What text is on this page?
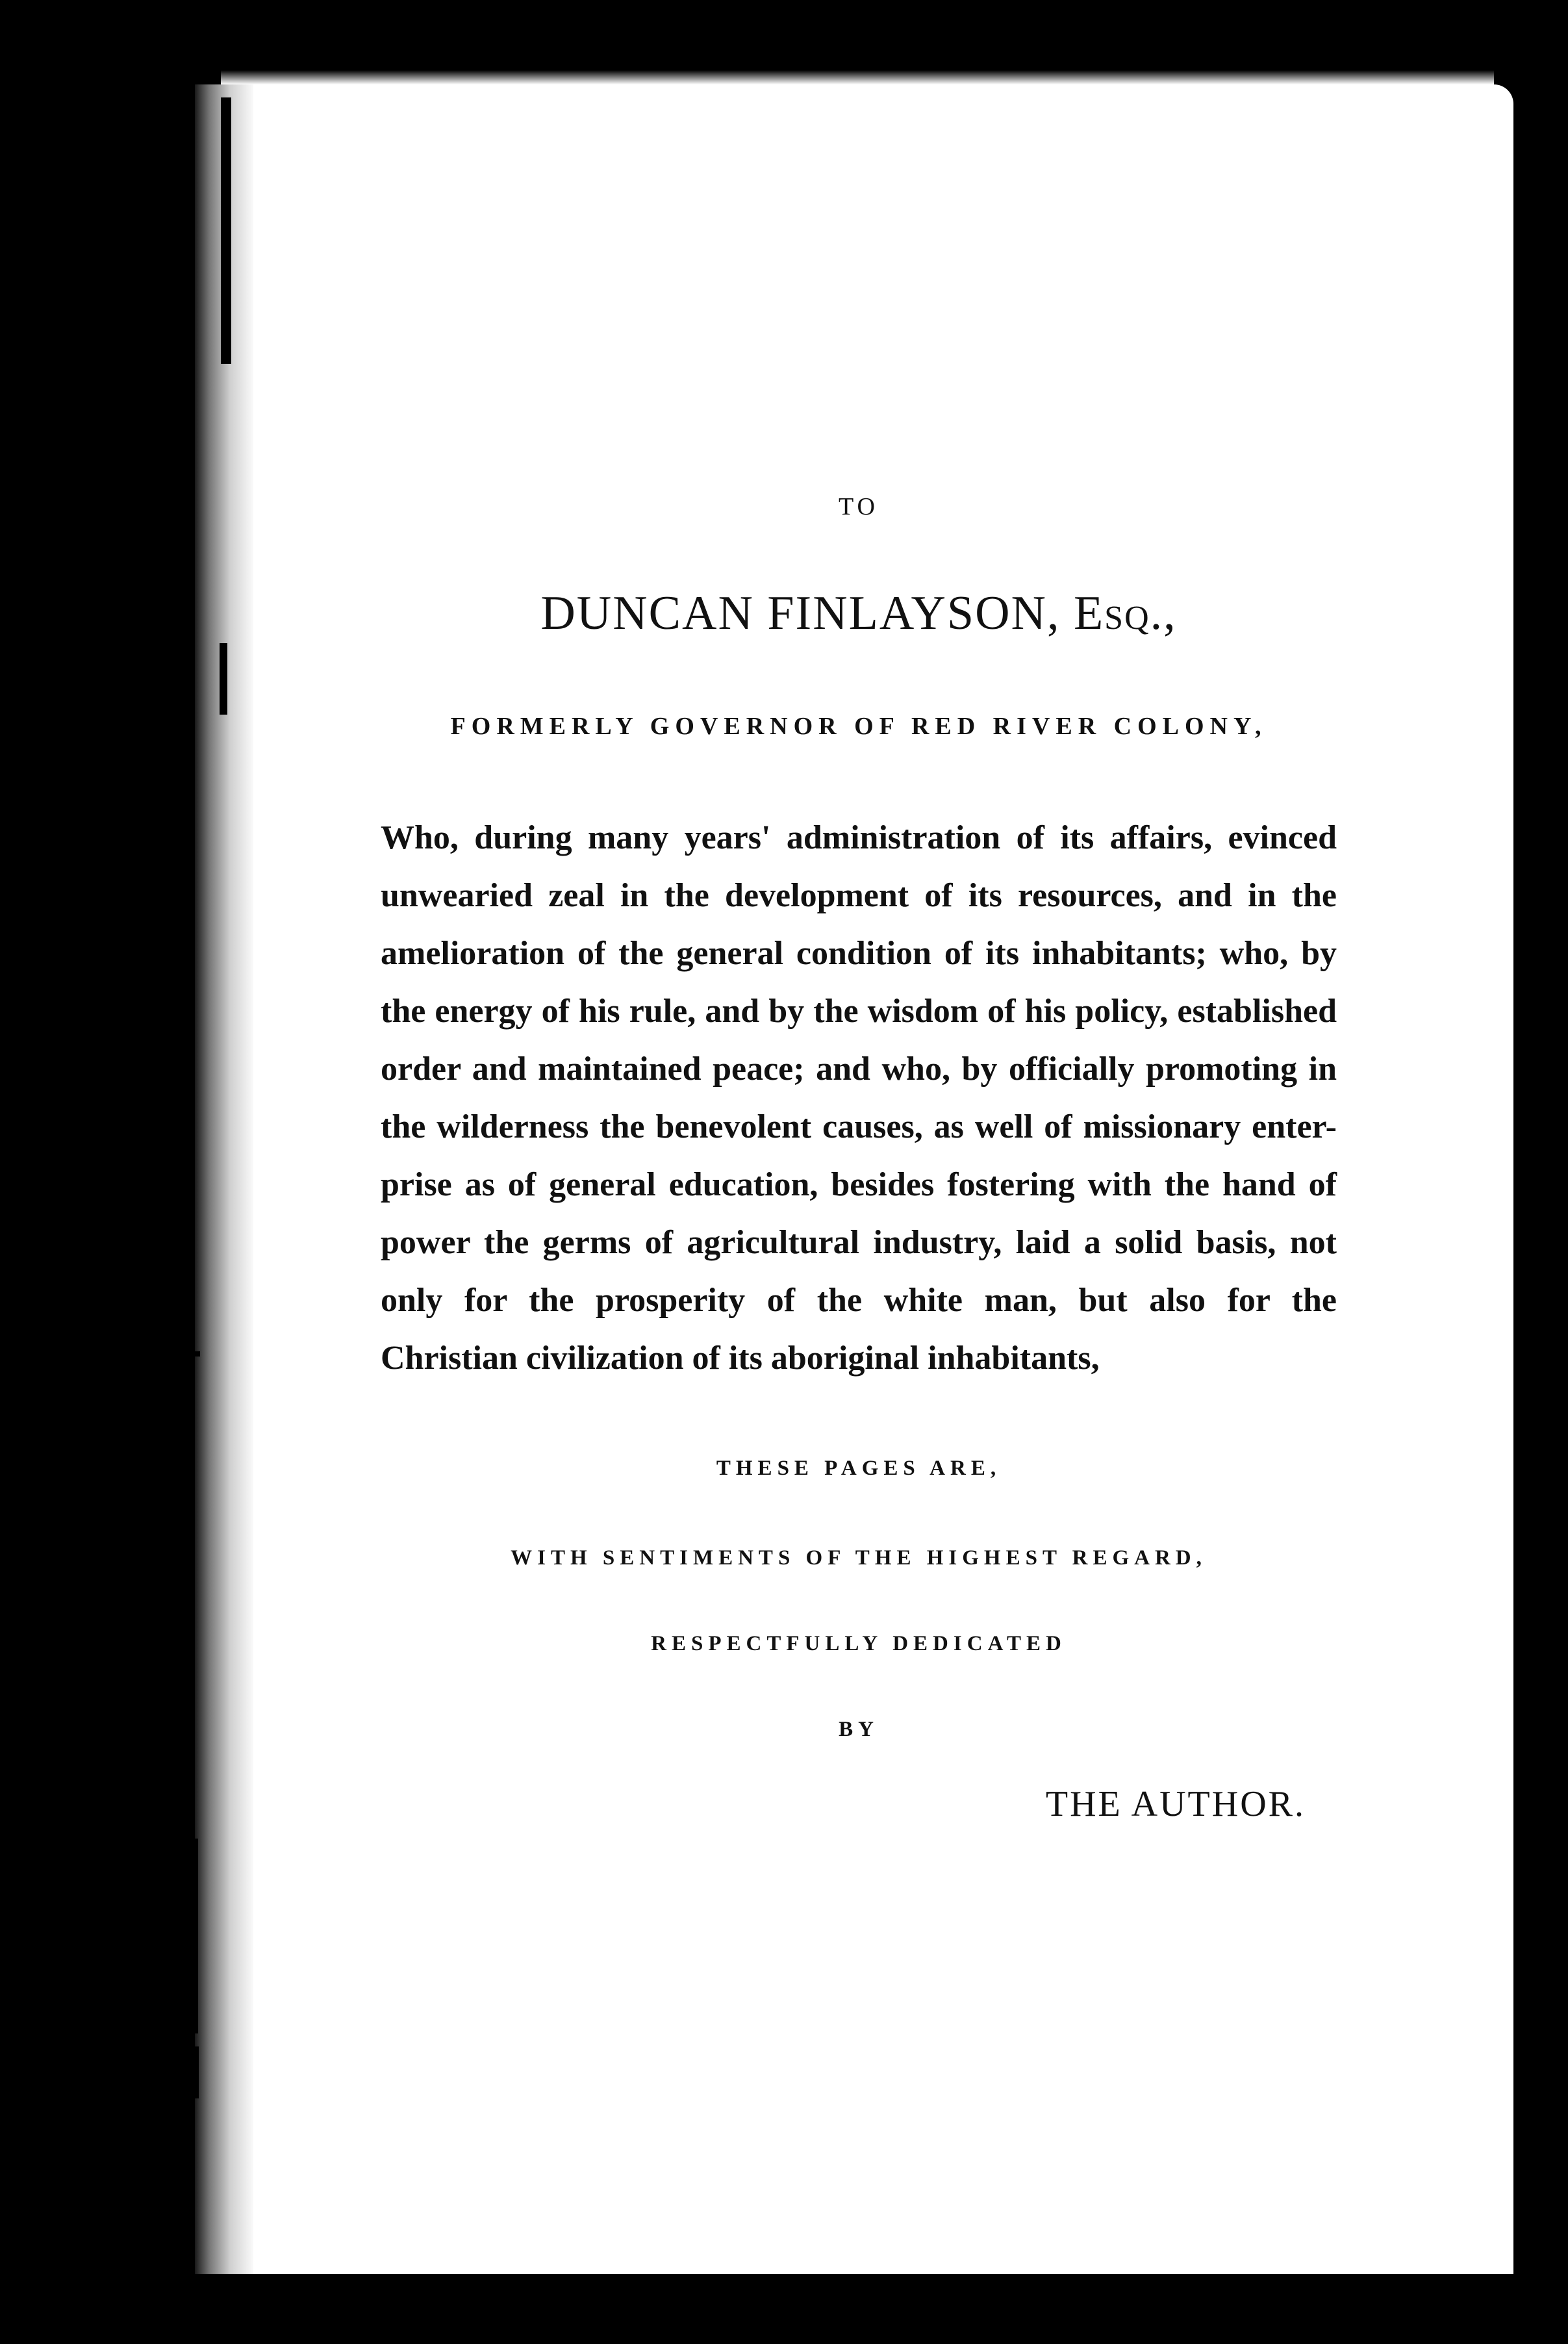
TO
DUNCAN FINLAYSON, Esq.,
FORMERLY GOVERNOR OF RED RIVER COLONY,
Who, during many years' administration of its affairs, evinced
unwearied zeal in the development of its resources, and in the
amelioration of the general condition of its inhabitants; who, by
the energy of his rule, and by the wisdom of his policy, established
order and maintained peace; and who, by officially promoting in
the wilderness the benevolent causes, as well of missionary enter-
prise as of general education, besides fostering with the hand of
power the germs of agricultural industry, laid a solid basis, not
only for the prosperity of the white man, but also for the
Christian civilization of its aboriginal inhabitants,
THESE PAGES ARE,
WITH SENTIMENTS OF THE HIGHEST REGARD,
RESPECTFULLY DEDICATED
BY
THE AUTHOR.
